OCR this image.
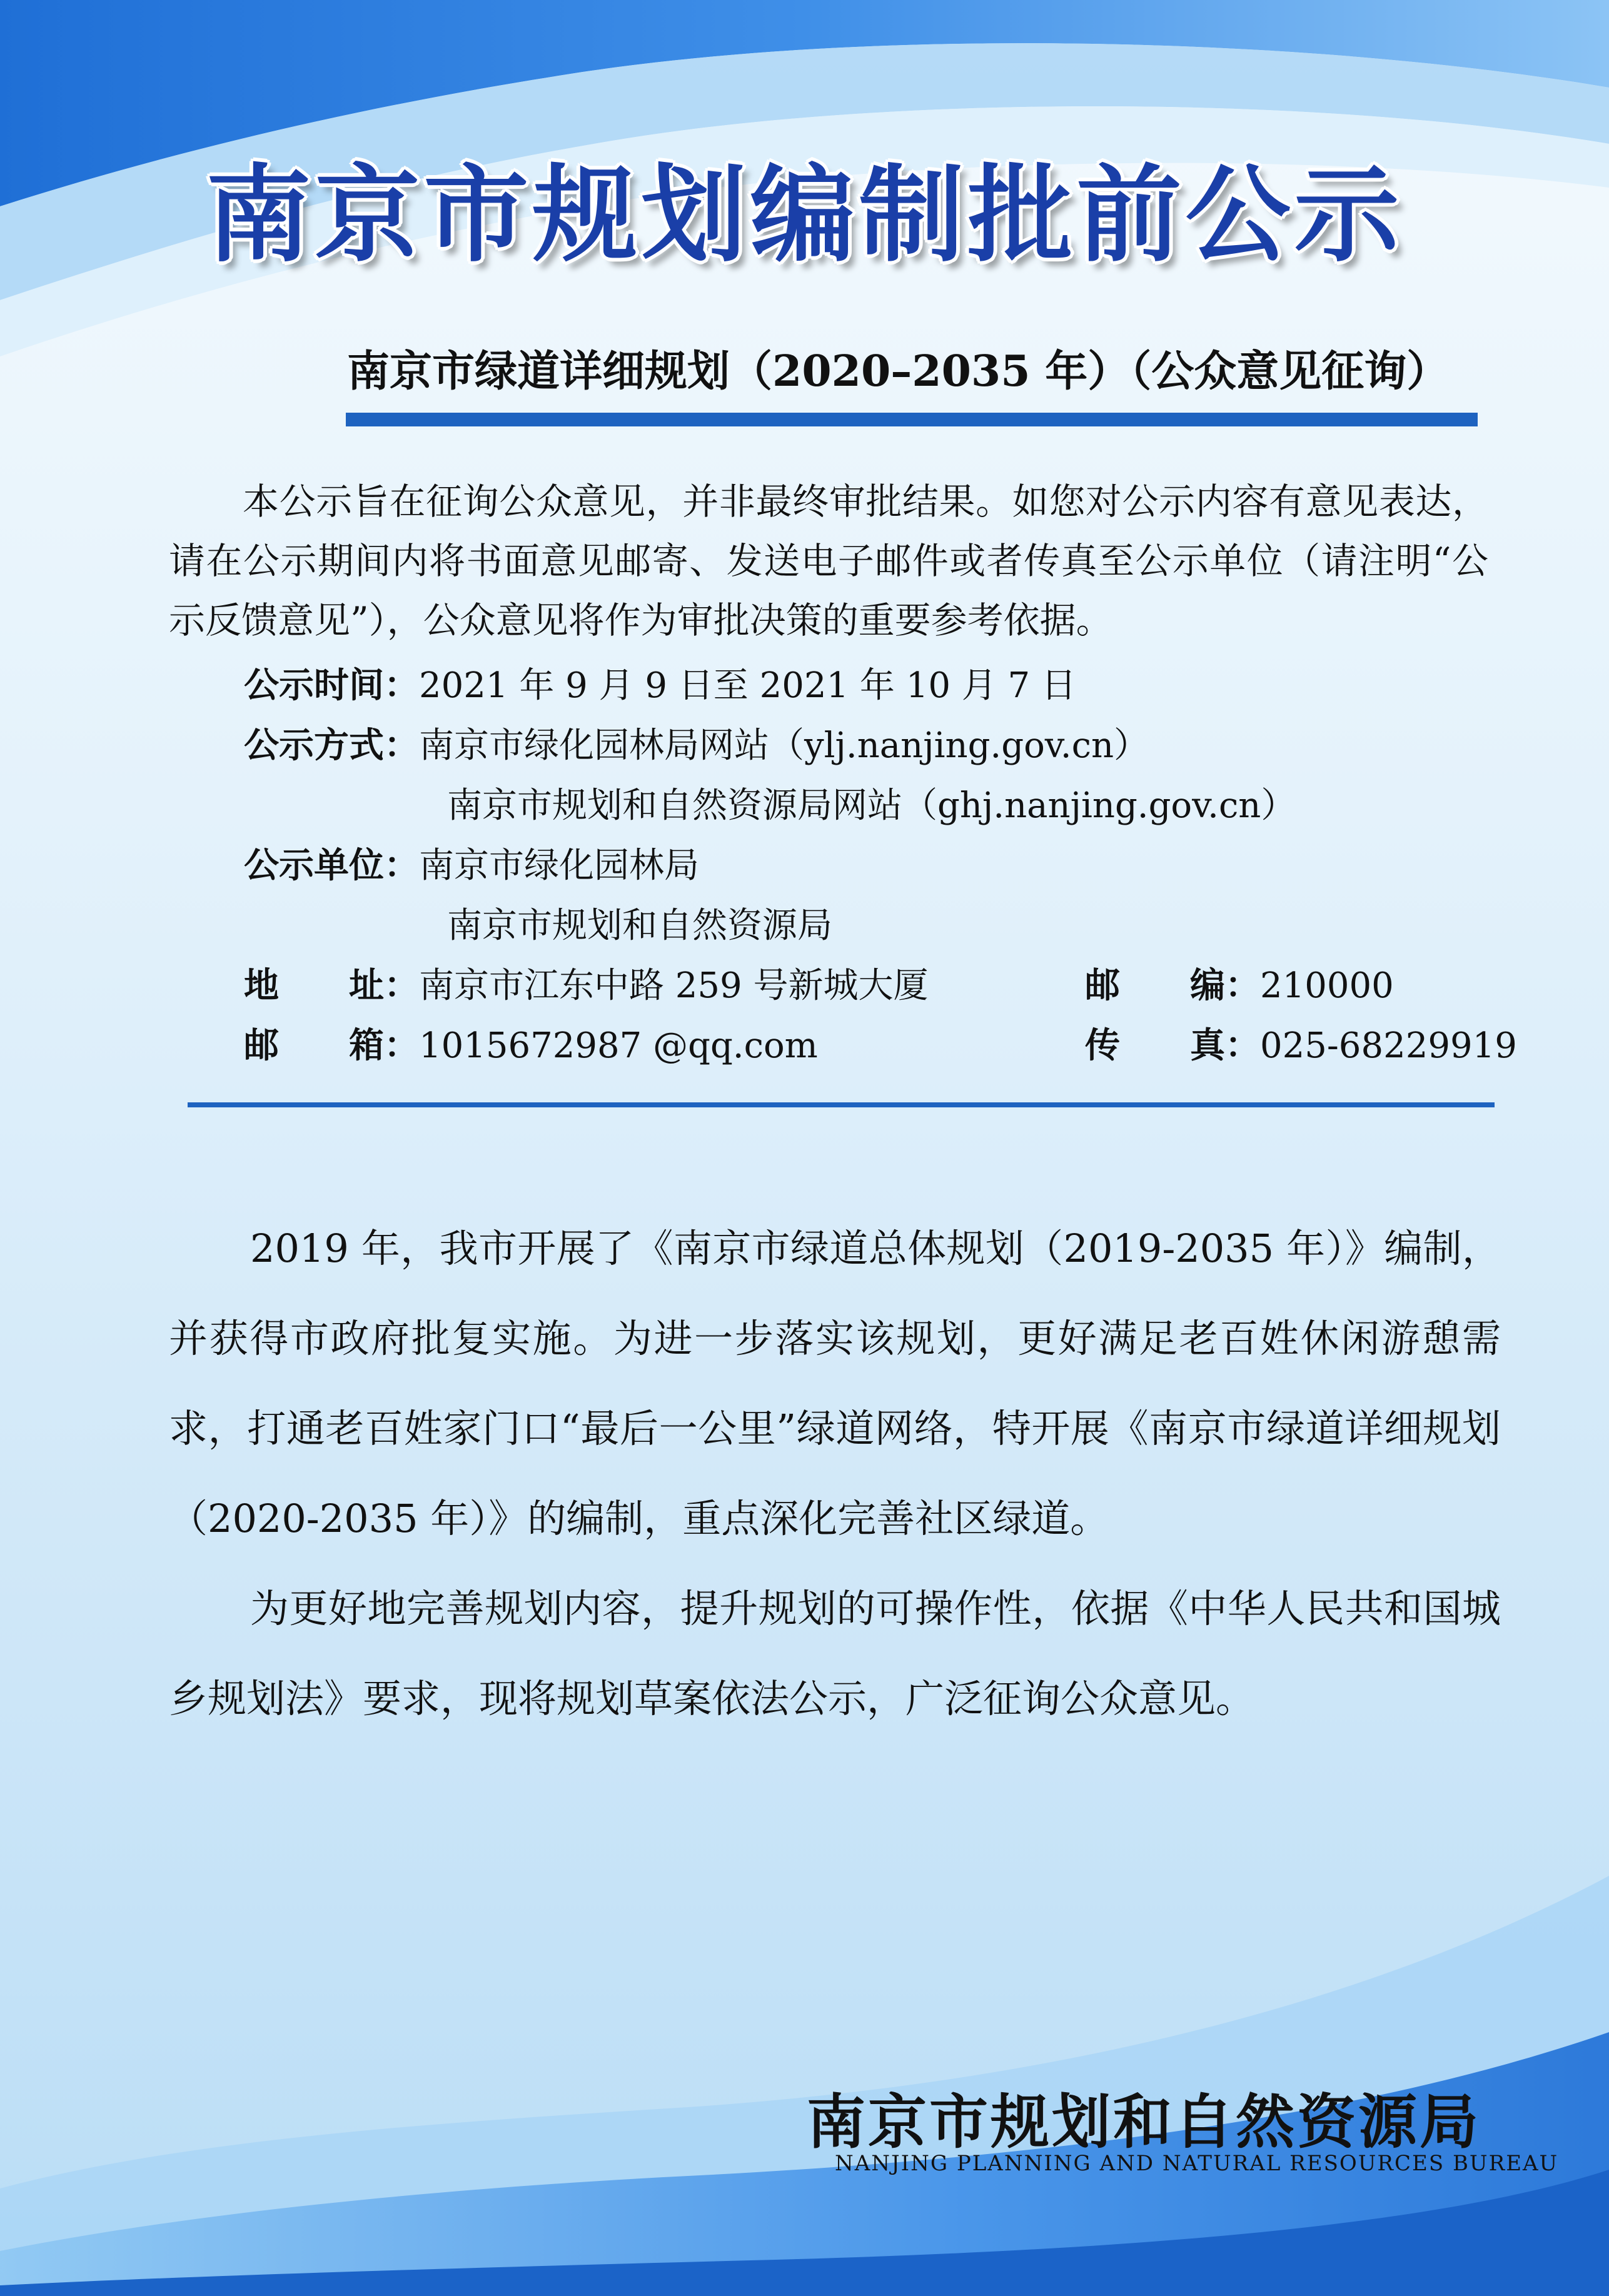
南京市规划编制批前公示
南京市绿道详细规划（2020–2035 年）（公众意见征询）

本公示旨在征询公众意见，并非最终审批结果。如您对公示内容有意见表达，请在公示期间内将书面意见邮寄、发送电子邮件或者传真至公示单位（请注明“公示反馈意见”），公众意见将作为审批决策的重要参考依据。

公示时间：2021 年 9 月 9 日至 2021 年 10 月 7 日
公示方式：南京市绿化园林局网站（ylj.nanjing.gov.cn）
南京市规划和自然资源局网站（ghj.nanjing.gov.cn）
公示单位：南京市绿化园林局
南京市规划和自然资源局
地　　址：南京市江东中路 259 号新城大厦	邮　　编：210000
邮　　箱：1015672987 @qq.com	传　　真：025-68229919

2019 年，我市开展了《南京市绿道总体规划（2019-2035 年）》编制，并获得市政府批复实施。为进一步落实该规划，更好满足老百姓休闲游憩需求，打通老百姓家门口“最后一公里”绿道网络，特开展《南京市绿道详细规划（2020-2035 年）》的编制，重点深化完善社区绿道。

为更好地完善规划内容，提升规划的可操作性，依据《中华人民共和国城乡规划法》要求，现将规划草案依法公示，广泛征询公众意见。

南京市规划和自然资源局
NANJING PLANNING AND NATURAL RESOURCES BUREAU
